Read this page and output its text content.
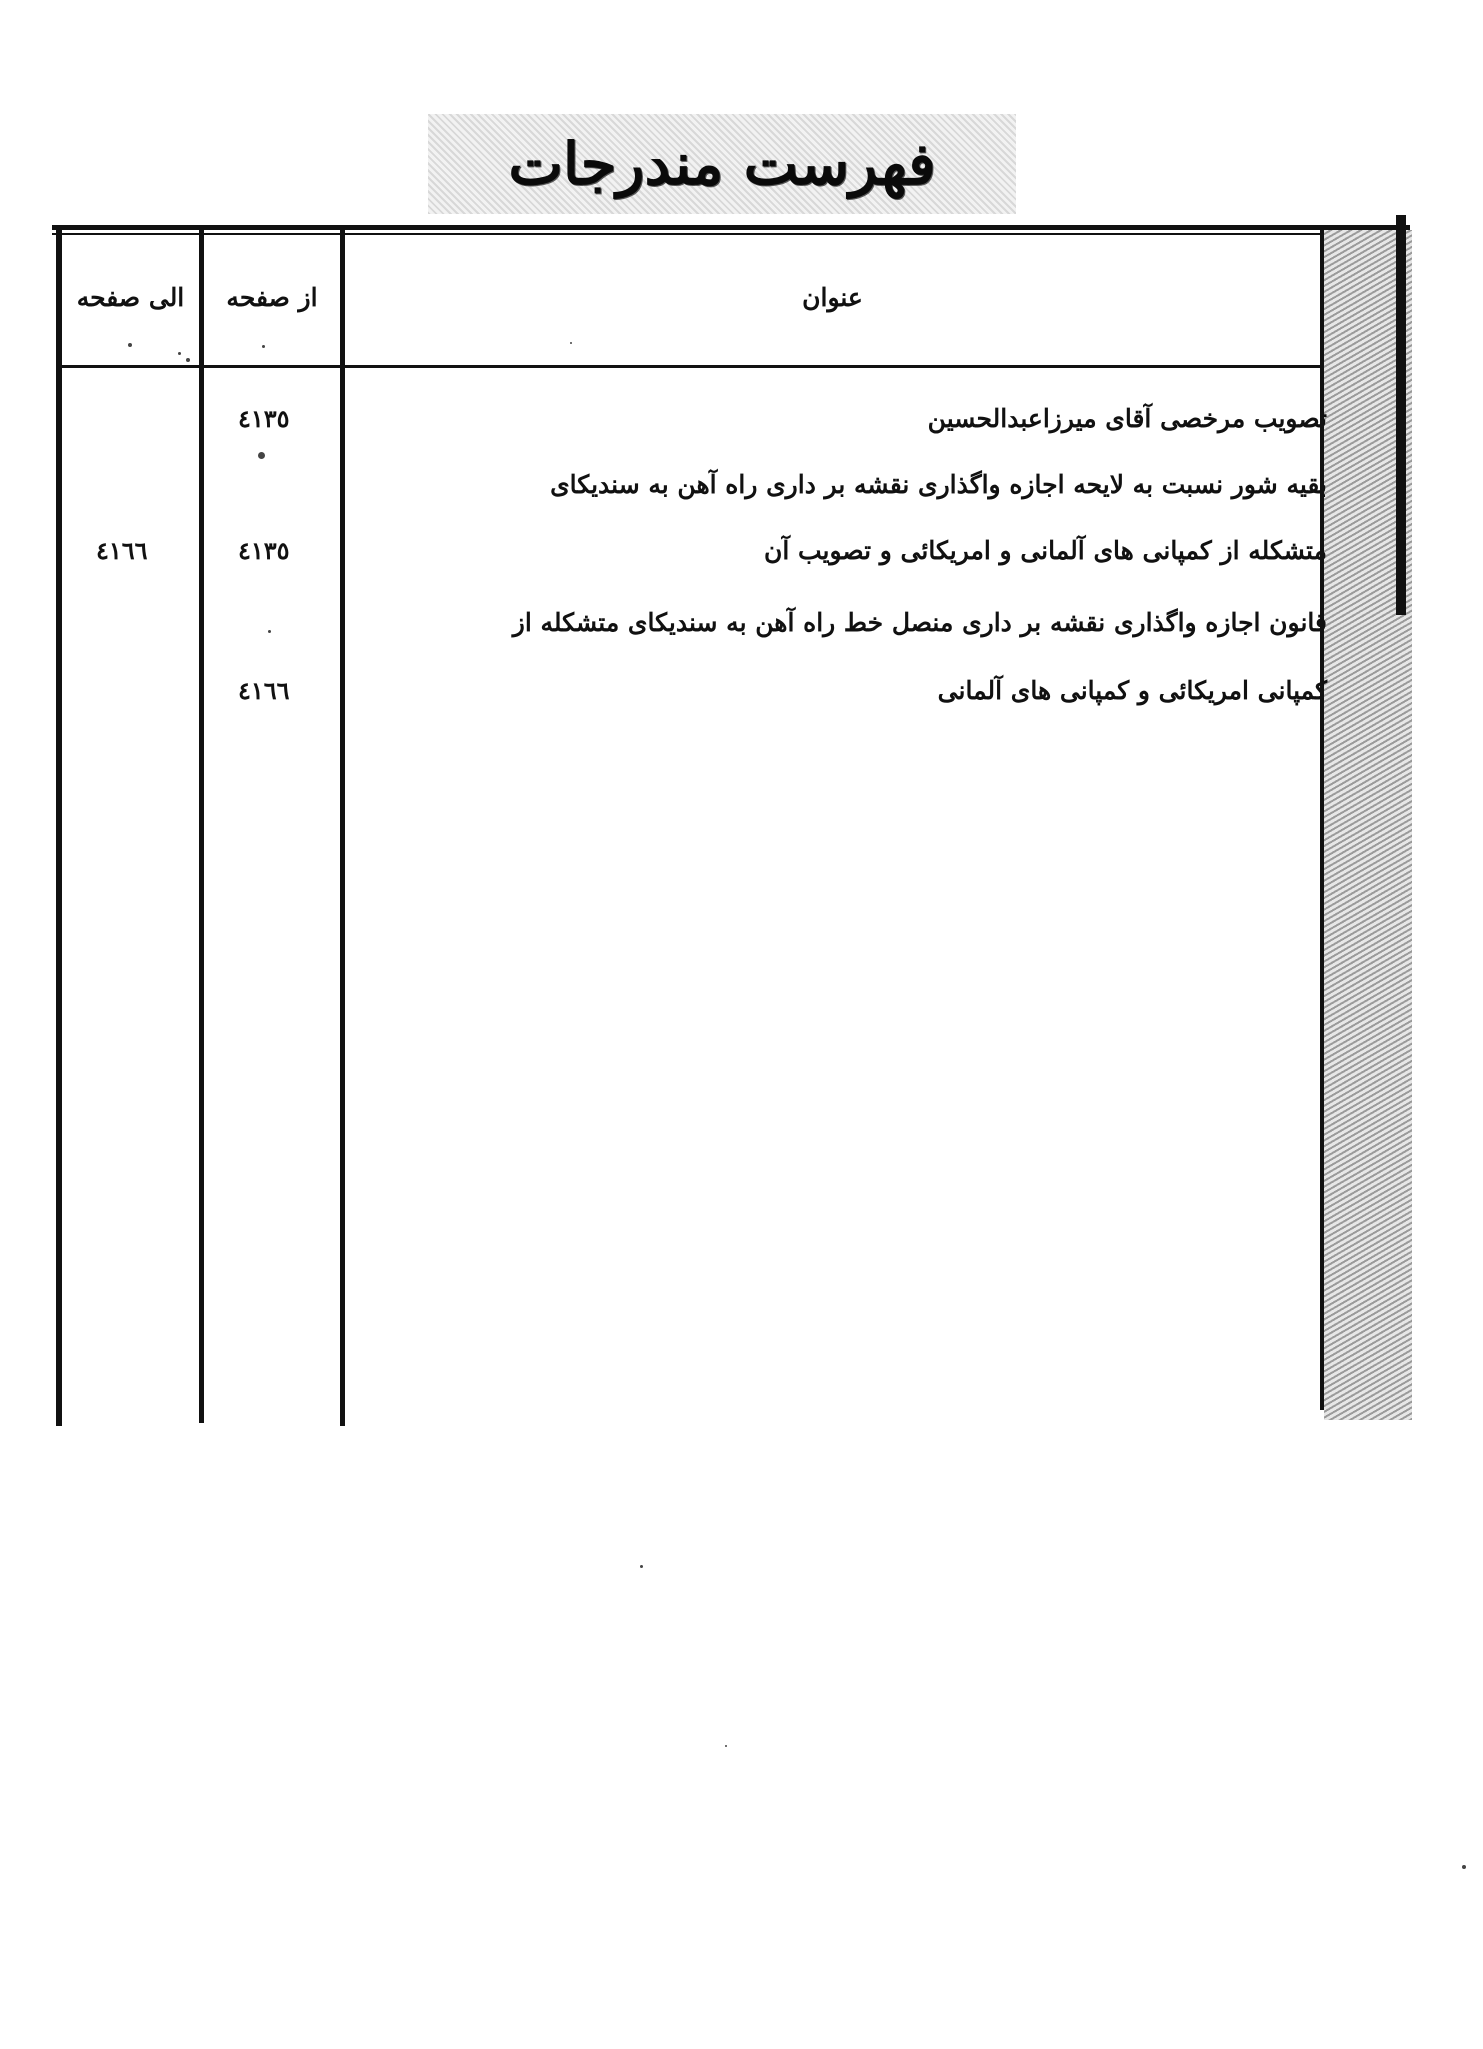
فهرست مندرجات
الی صفحه	از صفحه	عنوان
تصویب مرخصی آقای میرزاعبدالحسین
٤١٣٥
بقیه شور نسبت به لایحه اجازه واگذاری نقشه بر داری راه آهن به سندیکای
متشکله از کمپانی های آلمانی و امریکائی و تصویب آن
٤١٣٥
٤١٦٦
قانون اجازه واگذاری نقشه بر داری منصل خط راه آهن به سندیکای متشکله از
کمپانی امریکائی و کمپانی های آلمانی
٤١٦٦
